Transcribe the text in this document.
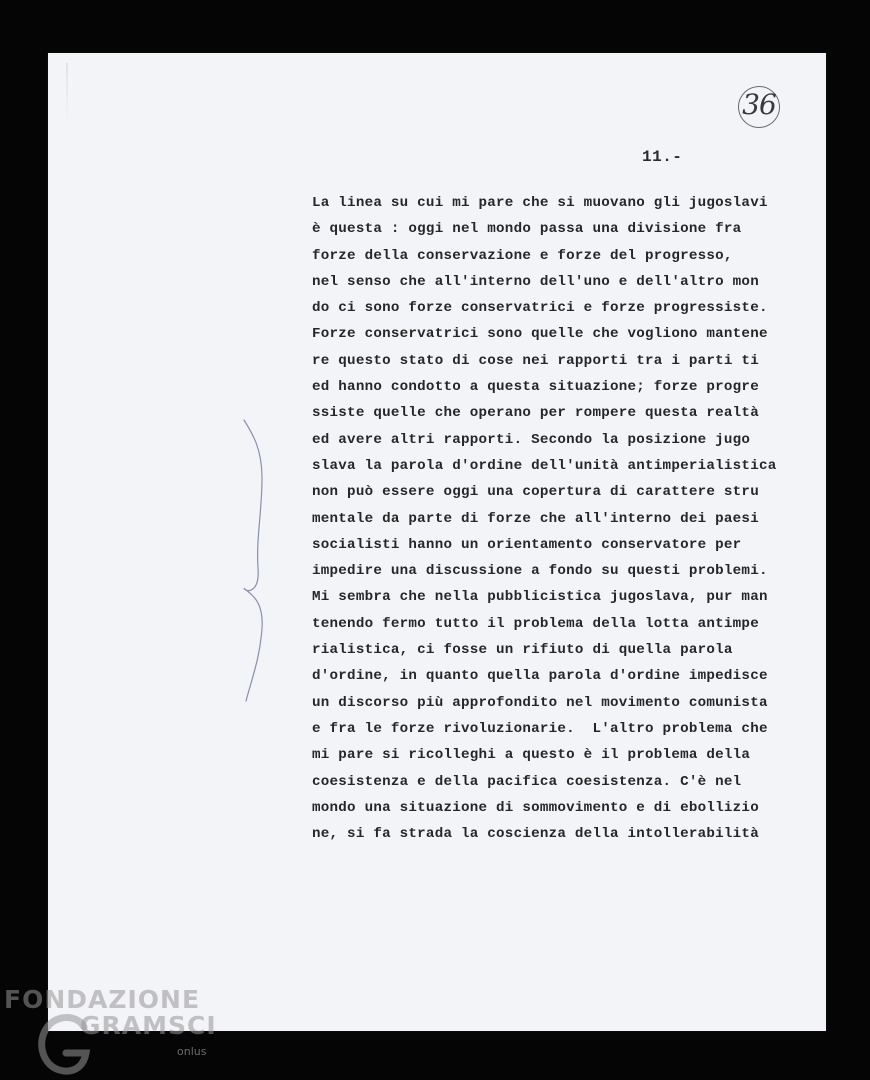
36
11.-
La linea su cui mi pare che si muovano gli jugoslavi
è questa : oggi nel mondo passa una divisione fra
forze della conservazione e forze del progresso,
nel senso che all'interno dell'uno e dell'altro mon
do ci sono forze conservatrici e forze progressiste.
Forze conservatrici sono quelle che vogliono mantene
re questo stato di cose nei rapporti tra i parti ti
ed hanno condotto a questa situazione; forze progre
ssiste quelle che operano per rompere questa realtà
ed avere altri rapporti. Secondo la posizione jugo
slava la parola d'ordine dell'unità antimperialistica
non può essere oggi una copertura di carattere stru
mentale da parte di forze che all'interno dei paesi
socialisti hanno un orientamento conservatore per
impedire una discussione a fondo su questi problemi.
Mi sembra che nella pubblicistica jugoslava, pur man
tenendo fermo tutto il problema della lotta antimpe
rialistica, ci fosse un rifiuto di quella parola
d'ordine, in quanto quella parola d'ordine impedisce
un discorso più approfondito nel movimento comunista
e fra le forze rivoluzionarie.  L'altro problema che
mi pare si ricolleghi a questo è il problema della
coesistenza e della pacifica coesistenza. C'è nel
mondo una situazione di sommovimento e di ebollizio
ne, si fa strada la coscienza della intollerabilità
FONDAZIONE
GRAMSCI
onlus
